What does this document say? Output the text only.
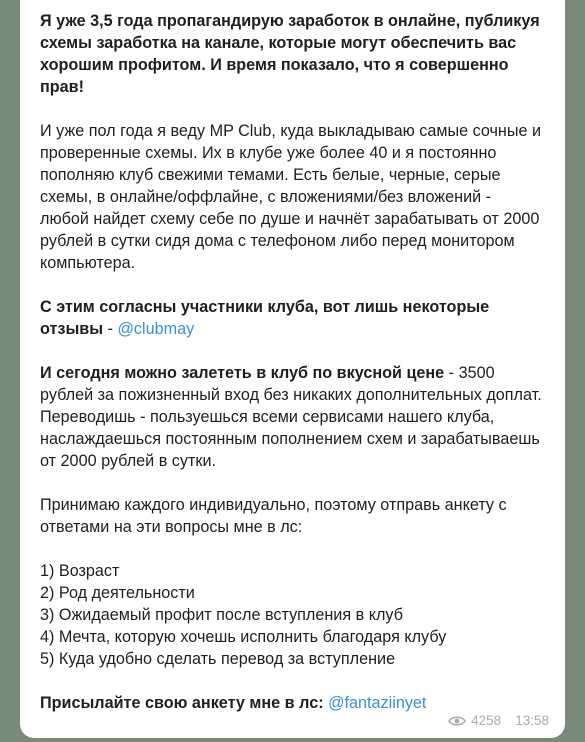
Я уже 3,5 года пропагандирую заработок в онлайне, публикуя схемы заработка на канале, которые могут обеспечить вас хорошим профитом. И время показало, что я совершенно прав!

И уже пол года я веду MP Club, куда выкладываю самые сочные и проверенные схемы. Их в клубе уже более 40 и я постоянно пополняю клуб свежими темами. Есть белые, черные, серые схемы, в онлайне/оффлайне, с вложениями/без вложений - любой найдет схему себе по душе и начнёт зарабатывать от 2000 рублей в сутки сидя дома с телефоном либо перед монитором компьютера.

С этим согласны участники клуба, вот лишь некоторые отзывы - @clubmay

И сегодня можно залететь в клуб по вкусной цене - 3500 рублей за пожизненный вход без никаких дополнительных доплат. Переводишь - пользуешься всеми сервисами нашего клуба, наслаждаешься постоянным пополнением схем и зарабатываешь от 2000 рублей в сутки.

Принимаю каждого индивидуально, поэтому отправь анкету с ответами на эти вопросы мне в лс:

1) Возраст
2) Род деятельности
3) Ожидаемый профит после вступления в клуб
4) Мечта, которую хочешь исполнить благодаря клубу
5) Куда удобно сделать перевод за вступление

Присылайте свою анкету мне в лс: @fantaziinyet

4258 13:58
